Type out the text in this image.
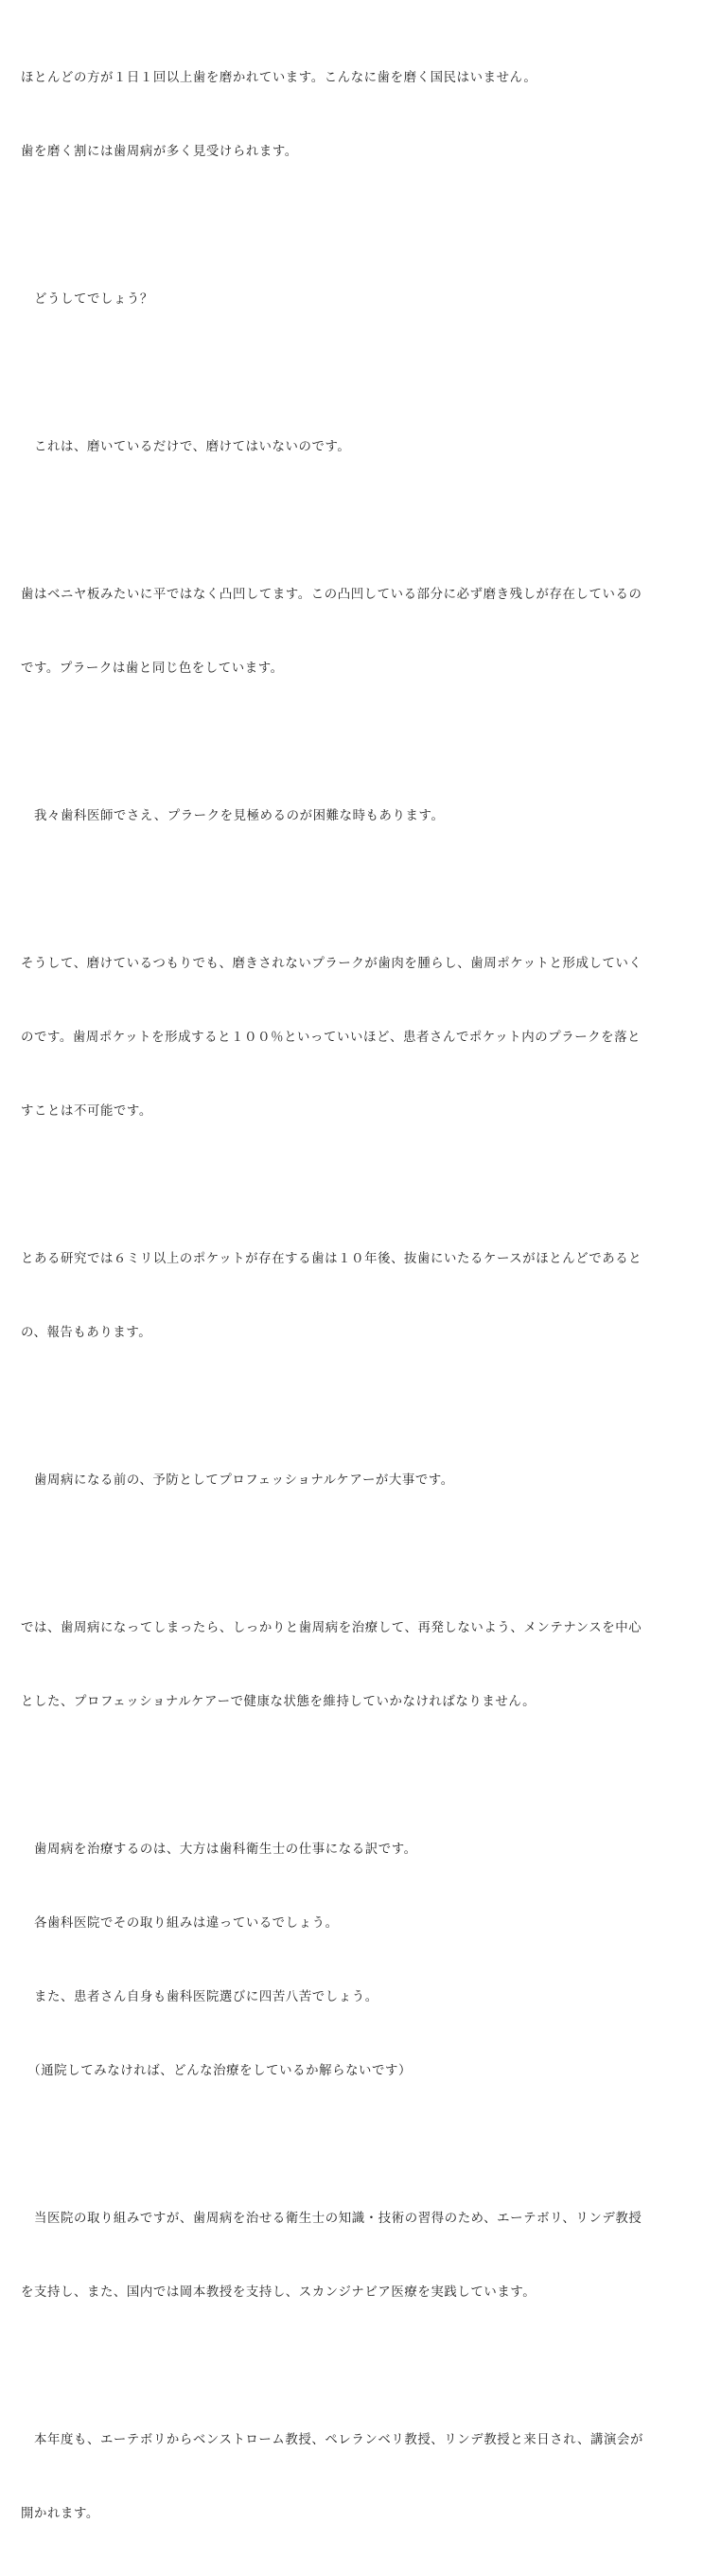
ほとんどの方が１日１回以上歯を磨かれています。こんなに歯を磨く国民はいません。

歯を磨く割には歯周病が多く見受けられます。

　どうしてでしょう？

　これは、磨いているだけで、磨けてはいないのです。

歯はベニヤ板みたいに平ではなく凸凹してます。この凸凹している部分に必ず磨き残しが存在しているの

です。プラークは歯と同じ色をしています。

　我々歯科医師でさえ、プラークを見極めるのが困難な時もあります。

そうして、磨けているつもりでも、磨きされないプラークが歯肉を腫らし、歯周ポケットと形成していく

のです。歯周ポケットを形成すると１００％といっていいほど、患者さんでポケット内のプラークを落と

すことは不可能です。

とある研究では６ミリ以上のポケットが存在する歯は１０年後、抜歯にいたるケースがほとんどであると

の、報告もあります。

　歯周病になる前の、予防としてプロフェッショナルケアーが大事です。

では、歯周病になってしまったら、しっかりと歯周病を治療して、再発しないよう、メンテナンスを中心

とした、プロフェッショナルケアーで健康な状態を維持していかなければなりません。

　歯周病を治療するのは、大方は歯科衛生士の仕事になる訳です。

　各歯科医院でその取り組みは違っているでしょう。

　また、患者さん自身も歯科医院選びに四苦八苦でしょう。

　（通院してみなければ、どんな治療をしているか解らないです）

　当医院の取り組みですが、歯周病を治せる衛生士の知識・技術の習得のため、エーテボリ、リンデ教授

を支持し、また、国内では岡本教授を支持し、スカンジナビア医療を実践しています。

　本年度も、エーテボリからベンストローム教授、ペレランベリ教授、リンデ教授と来日され、講演会が

開かれます。
